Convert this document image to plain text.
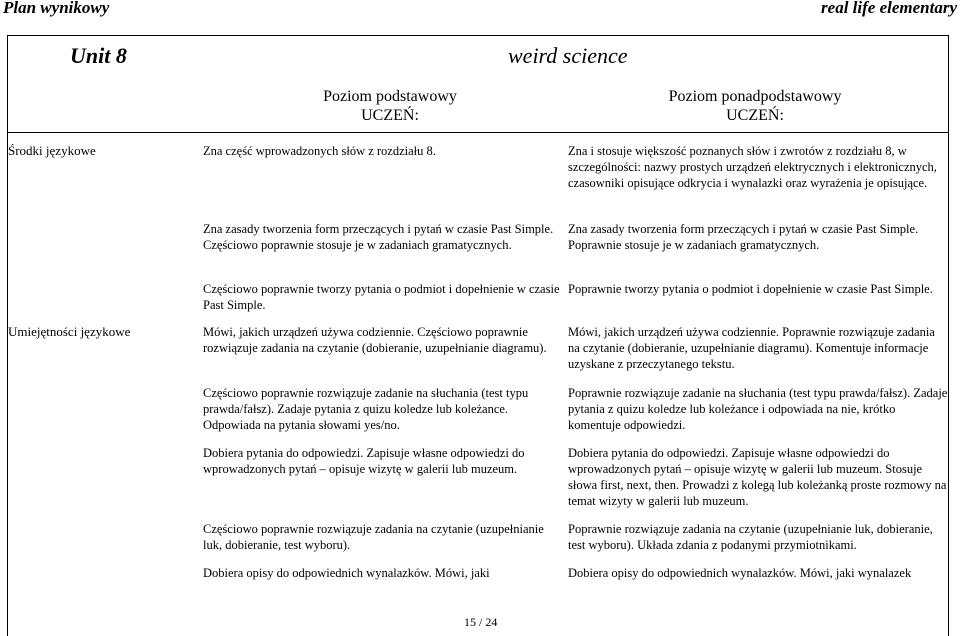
Plan wynikowy	real life elementary
Unit 8	weird science
Poziom podstawowy
UCZEŃ:
Poziom ponadpodstawowy
UCZEŃ:
Środki językowe
Umiejętności językowe
Zna część wprowadzonych słów z rozdziału 8.
Zna zasady tworzenia form przeczących i pytań w czasie Past Simple. Częściowo poprawnie stosuje je w zadaniach gramatycznych.
Częściowo poprawnie tworzy pytania o podmiot i dopełnienie w czasie Past Simple.
Mówi, jakich urządzeń używa codziennie. Częściowo poprawnie rozwiązuje zadania na czytanie (dobieranie, uzupełnianie diagramu).
Częściowo poprawnie rozwiązuje zadanie na słuchania (test typu prawda/fałsz). Zadaje pytania z quizu koledze lub koleżance. Odpowiada na pytania słowami yes/no.
Dobiera pytania do odpowiedzi. Zapisuje własne odpowiedzi do wprowadzonych pytań – opisuje wizytę w galerii lub muzeum.
Częściowo poprawnie rozwiązuje zadania na czytanie (uzupełnianie luk, dobieranie, test wyboru).
Dobiera opisy do odpowiednich wynalazków. Mówi, jaki
Zna i stosuje większość poznanych słów i zwrotów z rozdziału 8, w szczególności: nazwy prostych urządzeń elektrycznych i elektronicznych, czasowniki opisujące odkrycia i wynalazki oraz wyrażenia je opisujące.
Zna zasady tworzenia form przeczących i pytań w czasie Past Simple. Poprawnie stosuje je w zadaniach gramatycznych.
Poprawnie tworzy pytania o podmiot i dopełnienie w czasie Past Simple.
Mówi, jakich urządzeń używa codziennie. Poprawnie rozwiązuje zadania na czytanie (dobieranie, uzupełnianie diagramu). Komentuje informacje uzyskane z przeczytanego tekstu.
Poprawnie rozwiązuje zadanie na słuchania (test typu prawda/fałsz). Zadaje pytania z quizu koledze lub koleżance i odpowiada na nie, krótko komentuje odpowiedzi.
Dobiera pytania do odpowiedzi. Zapisuje własne odpowiedzi do wprowadzonych pytań – opisuje wizytę w galerii lub muzeum. Stosuje słowa first, next, then. Prowadzi z kolegą lub koleżanką proste rozmowy na temat wizyty w galerii lub muzeum.
Poprawnie rozwiązuje zadania na czytanie (uzupełnianie luk, dobieranie, test wyboru). Układa zdania z podanymi przymiotnikami.
Dobiera opisy do odpowiednich wynalazków. Mówi, jaki wynalazek
15 / 24
